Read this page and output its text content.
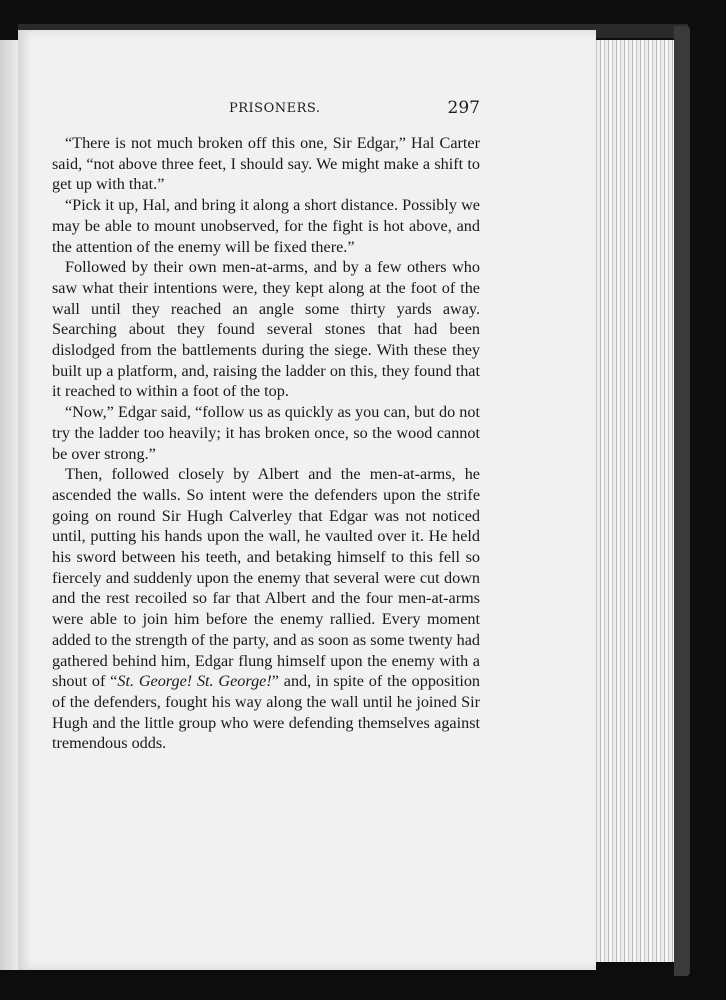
PRISONERS.	297

“There is not much broken off this one, Sir Edgar,” Hal Carter said, “not above three feet, I should say. We might make a shift to get up with that.”

“Pick it up, Hal, and bring it along a short distance. Possibly we may be able to mount unobserved, for the fight is hot above, and the attention of the enemy will be fixed there.”

Followed by their own men-at-arms, and by a few others who saw what their intentions were, they kept along at the foot of the wall until they reached an angle some thirty yards away. Searching about they found several stones that had been dislodged from the battlements during the siege. With these they built up a platform, and, raising the ladder on this, they found that it reached to within a foot of the top.

“Now,” Edgar said, “follow us as quickly as you can, but do not try the ladder too heavily; it has broken once, so the wood cannot be over strong.”

Then, followed closely by Albert and the men-at-arms, he ascended the walls. So intent were the defenders upon the strife going on round Sir Hugh Calverley that Edgar was not noticed until, putting his hands upon the wall, he vaulted over it. He held his sword between his teeth, and betaking himself to this fell so fiercely and suddenly upon the enemy that several were cut down and the rest recoiled so far that Albert and the four men-at-arms were able to join him before the enemy rallied. Every moment added to the strength of the party, and as soon as some twenty had gathered behind him, Edgar flung himself upon the enemy with a shout of “St. George! St. George!” and, in spite of the opposition of the defenders, fought his way along the wall until he joined Sir Hugh and the little group who were defending themselves against tremendous odds.
